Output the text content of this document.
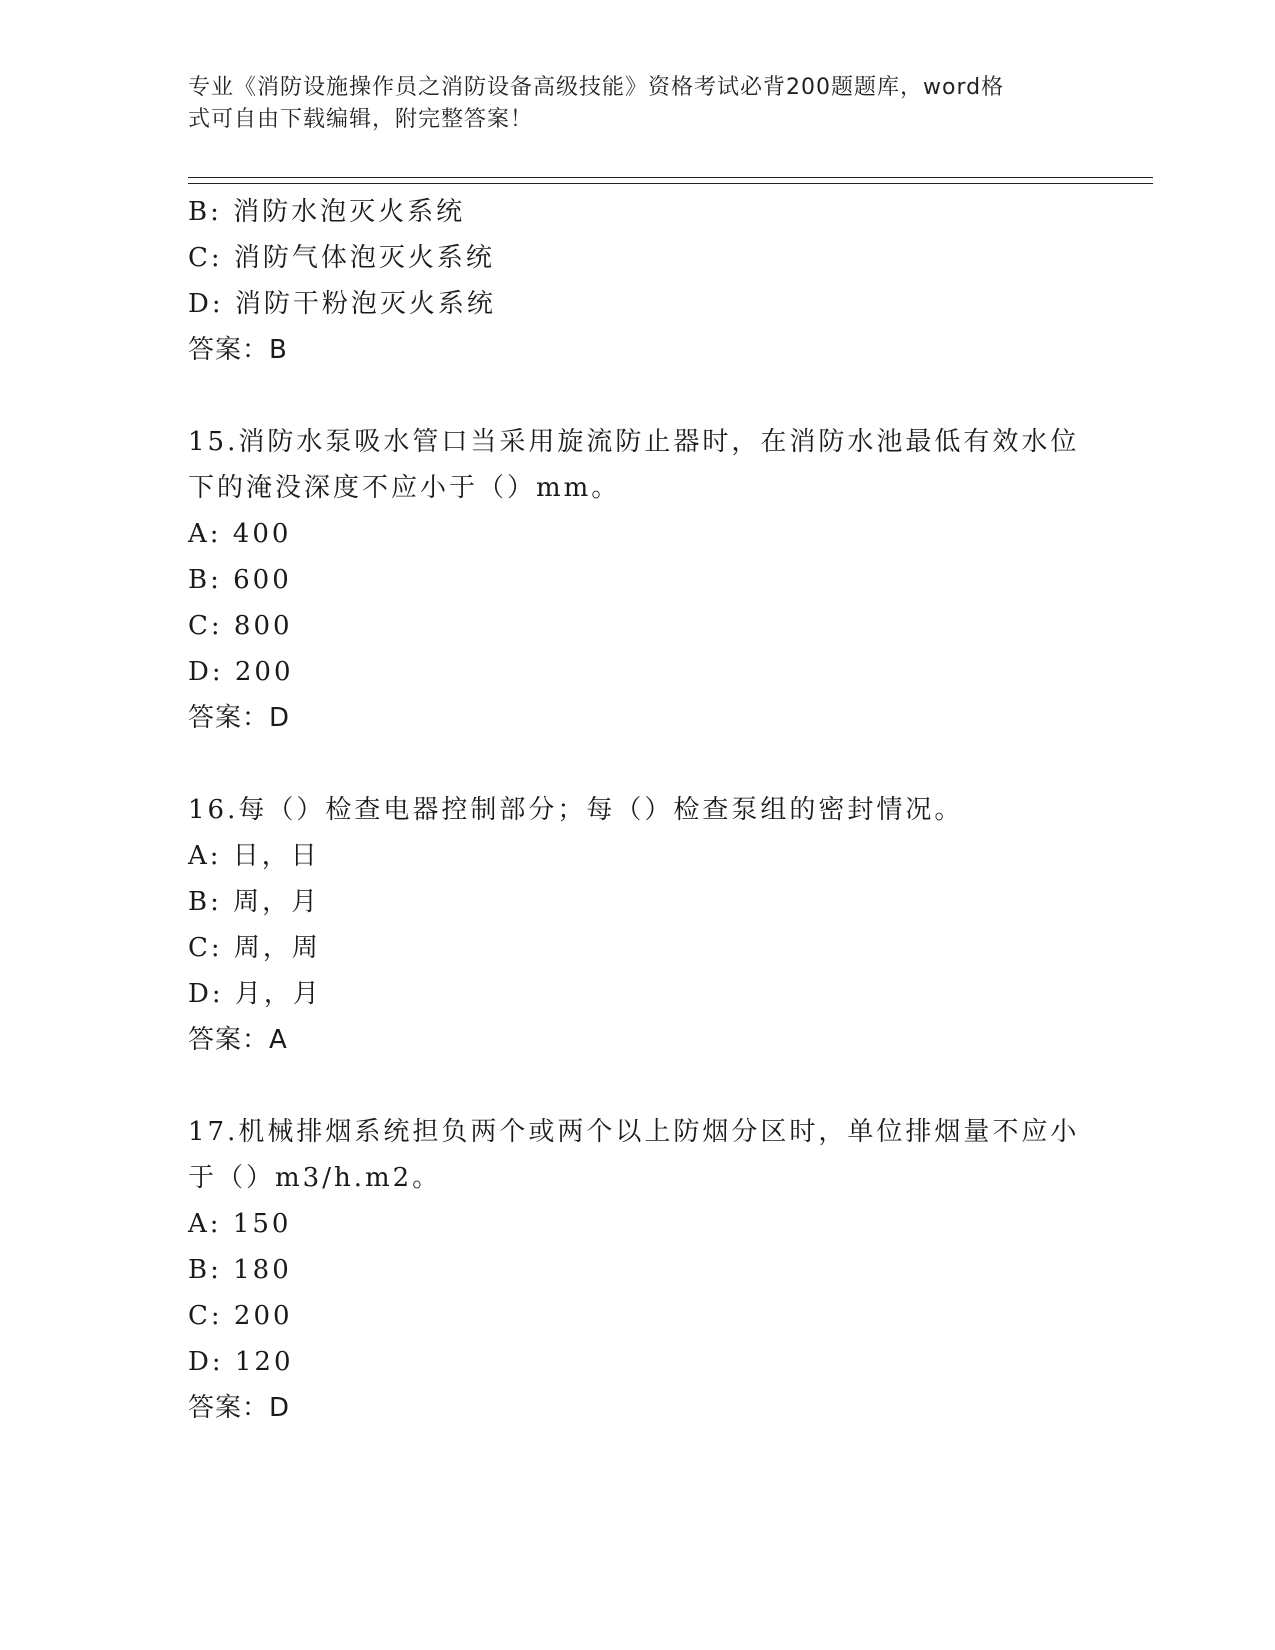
专业《消防设施操作员之消防设备高级技能》资格考试必背200题题库，word格
式可自由下载编辑，附完整答案！
B: 消防水泡灭火系统
C: 消防气体泡灭火系统
D: 消防干粉泡灭火系统
答案：B
15.消防水泵吸水管口当采用旋流防止器时，在消防水池最低有效水位
下的淹没深度不应小于（）mm。
A: 400
B: 600
C: 800
D: 200
答案：D
16.每（）检查电器控制部分；每（）检查泵组的密封情况。
A: 日，日
B: 周，月
C: 周，周
D: 月，月
答案：A
17.机械排烟系统担负两个或两个以上防烟分区时，单位排烟量不应小
于（）m3/h.m2。
A: 150
B: 180
C: 200
D: 120
答案：D
